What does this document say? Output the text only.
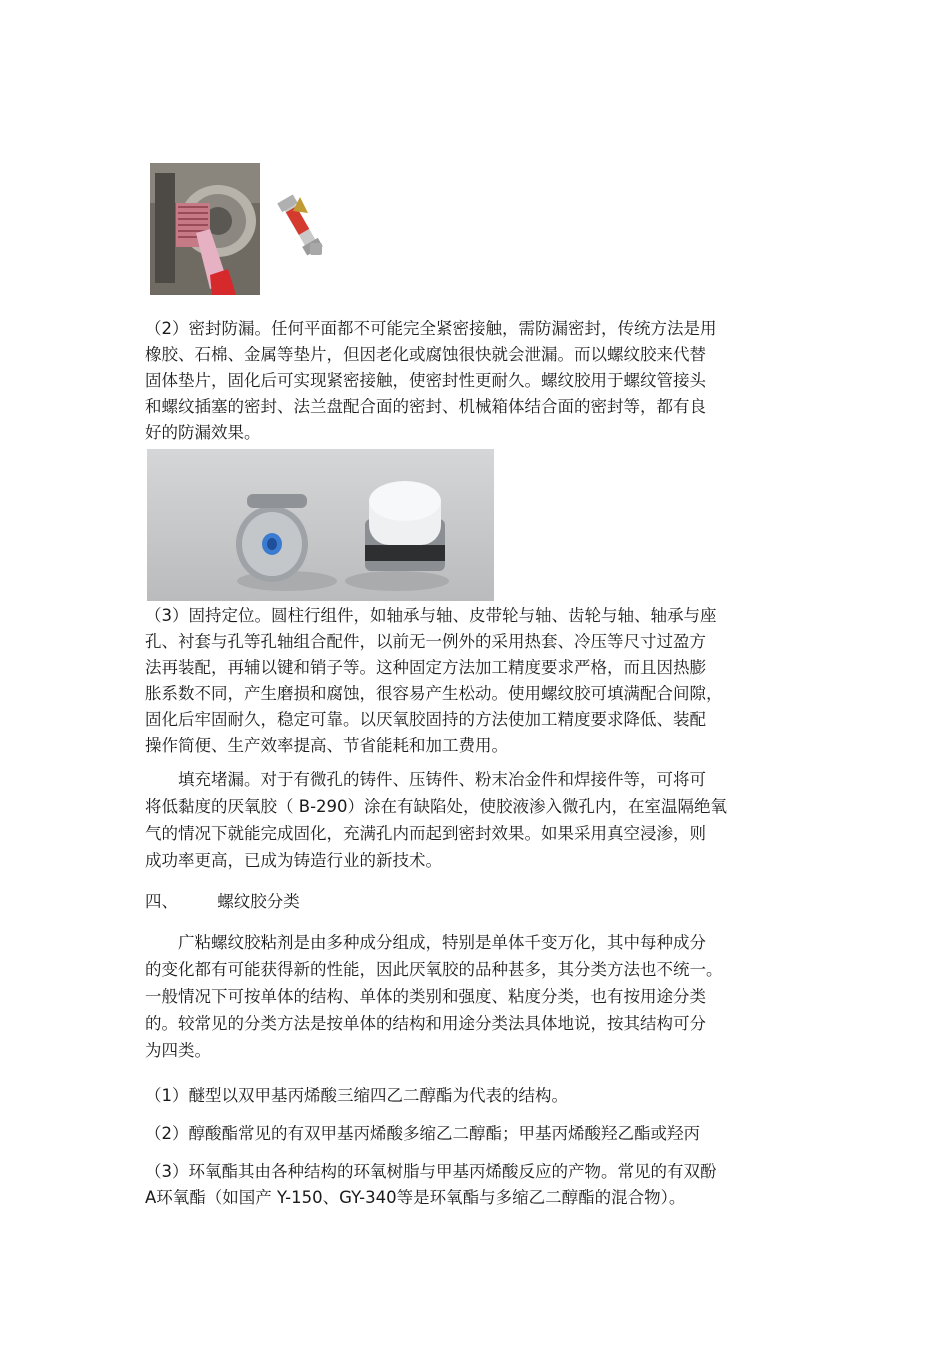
（2）密封防漏。任何平面都不可能完全紧密接触，需防漏密封，传统方法是用
橡胶、石棉、金属等垫片，但因老化或腐蚀很快就会泄漏。而以螺纹胶来代替
固体垫片，固化后可实现紧密接触，使密封性更耐久。螺纹胶用于螺纹管接头
和螺纹插塞的密封、法兰盘配合面的密封、机械箱体结合面的密封等，都有良
好的防漏效果。

（3）固持定位。圆柱行组件，如轴承与轴、皮带轮与轴、齿轮与轴、轴承与座
孔、衬套与孔等孔轴组合配件，以前无一例外的采用热套、冷压等尺寸过盈方
法再装配，再辅以键和销子等。这种固定方法加工精度要求严格，而且因热膨
胀系数不同，产生磨损和腐蚀，很容易产生松动。使用螺纹胶可填满配合间隙，
固化后牢固耐久，稳定可靠。以厌氧胶固持的方法使加工精度要求降低、装配
操作简便、生产效率提高、节省能耗和加工费用。

　　填充堵漏。对于有微孔的铸件、压铸件、粉末冶金件和焊接件等，可将可
将低黏度的厌氧胶（ B-290）涂在有缺陷处，使胶液渗入微孔内，在室温隔绝氧
气的情况下就能完成固化，充满孔内而起到密封效果。如果采用真空浸渗，则
成功率更高，已成为铸造行业的新技术。

四、 螺纹胶分类

　　广粘螺纹胶粘剂是由多种成分组成，特别是单体千变万化，其中每种成分
的变化都有可能获得新的性能，因此厌氧胶的品种甚多，其分类方法也不统一。
一般情况下可按单体的结构、单体的类别和强度、粘度分类，也有按用途分类
的。较常见的分类方法是按单体的结构和用途分类法具体地说，按其结构可分
为四类。

（1）醚型以双甲基丙烯酸三缩四乙二醇酯为代表的结构。

（2）醇酸酯常见的有双甲基丙烯酸多缩乙二醇酯；甲基丙烯酸羟乙酯或羟丙

（3）环氧酯其由各种结构的环氧树脂与甲基丙烯酸反应的产物。常见的有双酚
A环氧酯（如国产 Y-150、GY-340等是环氧酯与多缩乙二醇酯的混合物）。
